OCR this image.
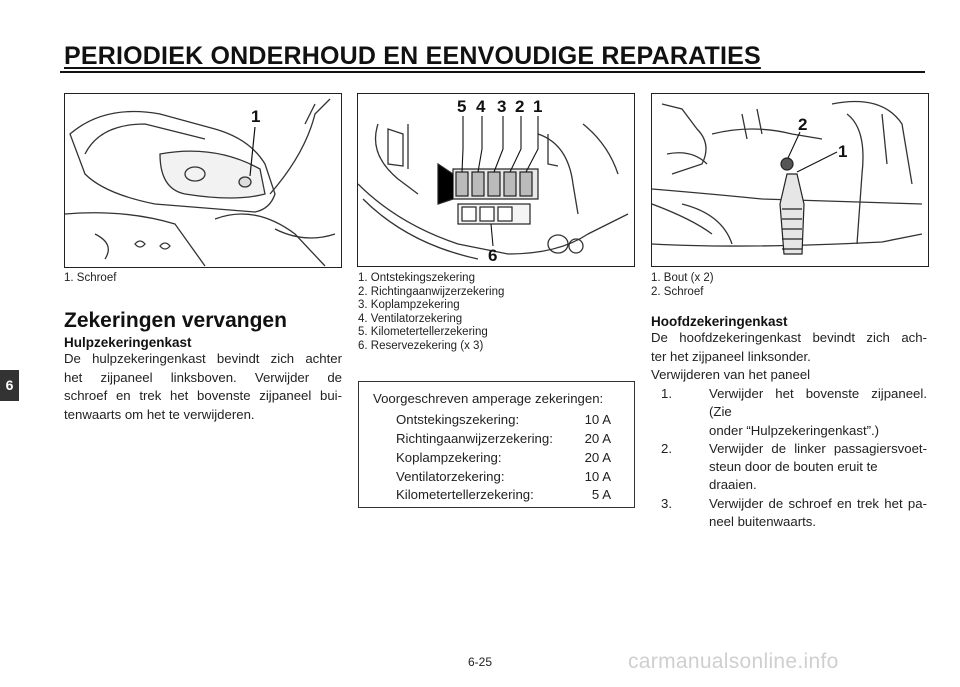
PERIODIEK ONDERHOUD EN EENVOUDIGE REPARATIES
6
1
5 4 3 2 1
6
2
1
1. Schroef	1. Ontstekingszekering
2. Richtingaanwijzerzekering
3. Koplampzekering
4. Ventilatorzekering
5. Kilometertellerzekering
6. Reservezekering (x 3)
1. Bout (x 2)
2. Schroef
Zekeringen vervangen
Hulpzekeringenkast
De hulpzekeringenkast bevindt zich achter
het zijpaneel linksboven. Verwijder de
schroef en trek het bovenste zijpaneel bui-
tenwaarts om het te verwijderen.
Voorgeschreven amperage zekeringen:
Ontstekingszekering:	10 A
Richtingaanwijzerzekering: 20 A
Koplampzekering:	20 A
Ventilatorzekering:	10 A
Kilometertellerzekering:	5 A
Hoofdzekeringenkast
De hoofdzekeringenkast bevindt zich ach-
ter het zijpaneel linksonder.
Verwijderen van het paneel
1.	Verwijder het bovenste zijpaneel. (Zie
onder “Hulpzekeringenkast”.)
2.	Verwijder de linker passagiersvoet-
steun door de bouten eruit te draaien.
3.	Verwijder de schroef en trek het pa-
neel buitenwaarts.
6-25	carmanualsonline.info
